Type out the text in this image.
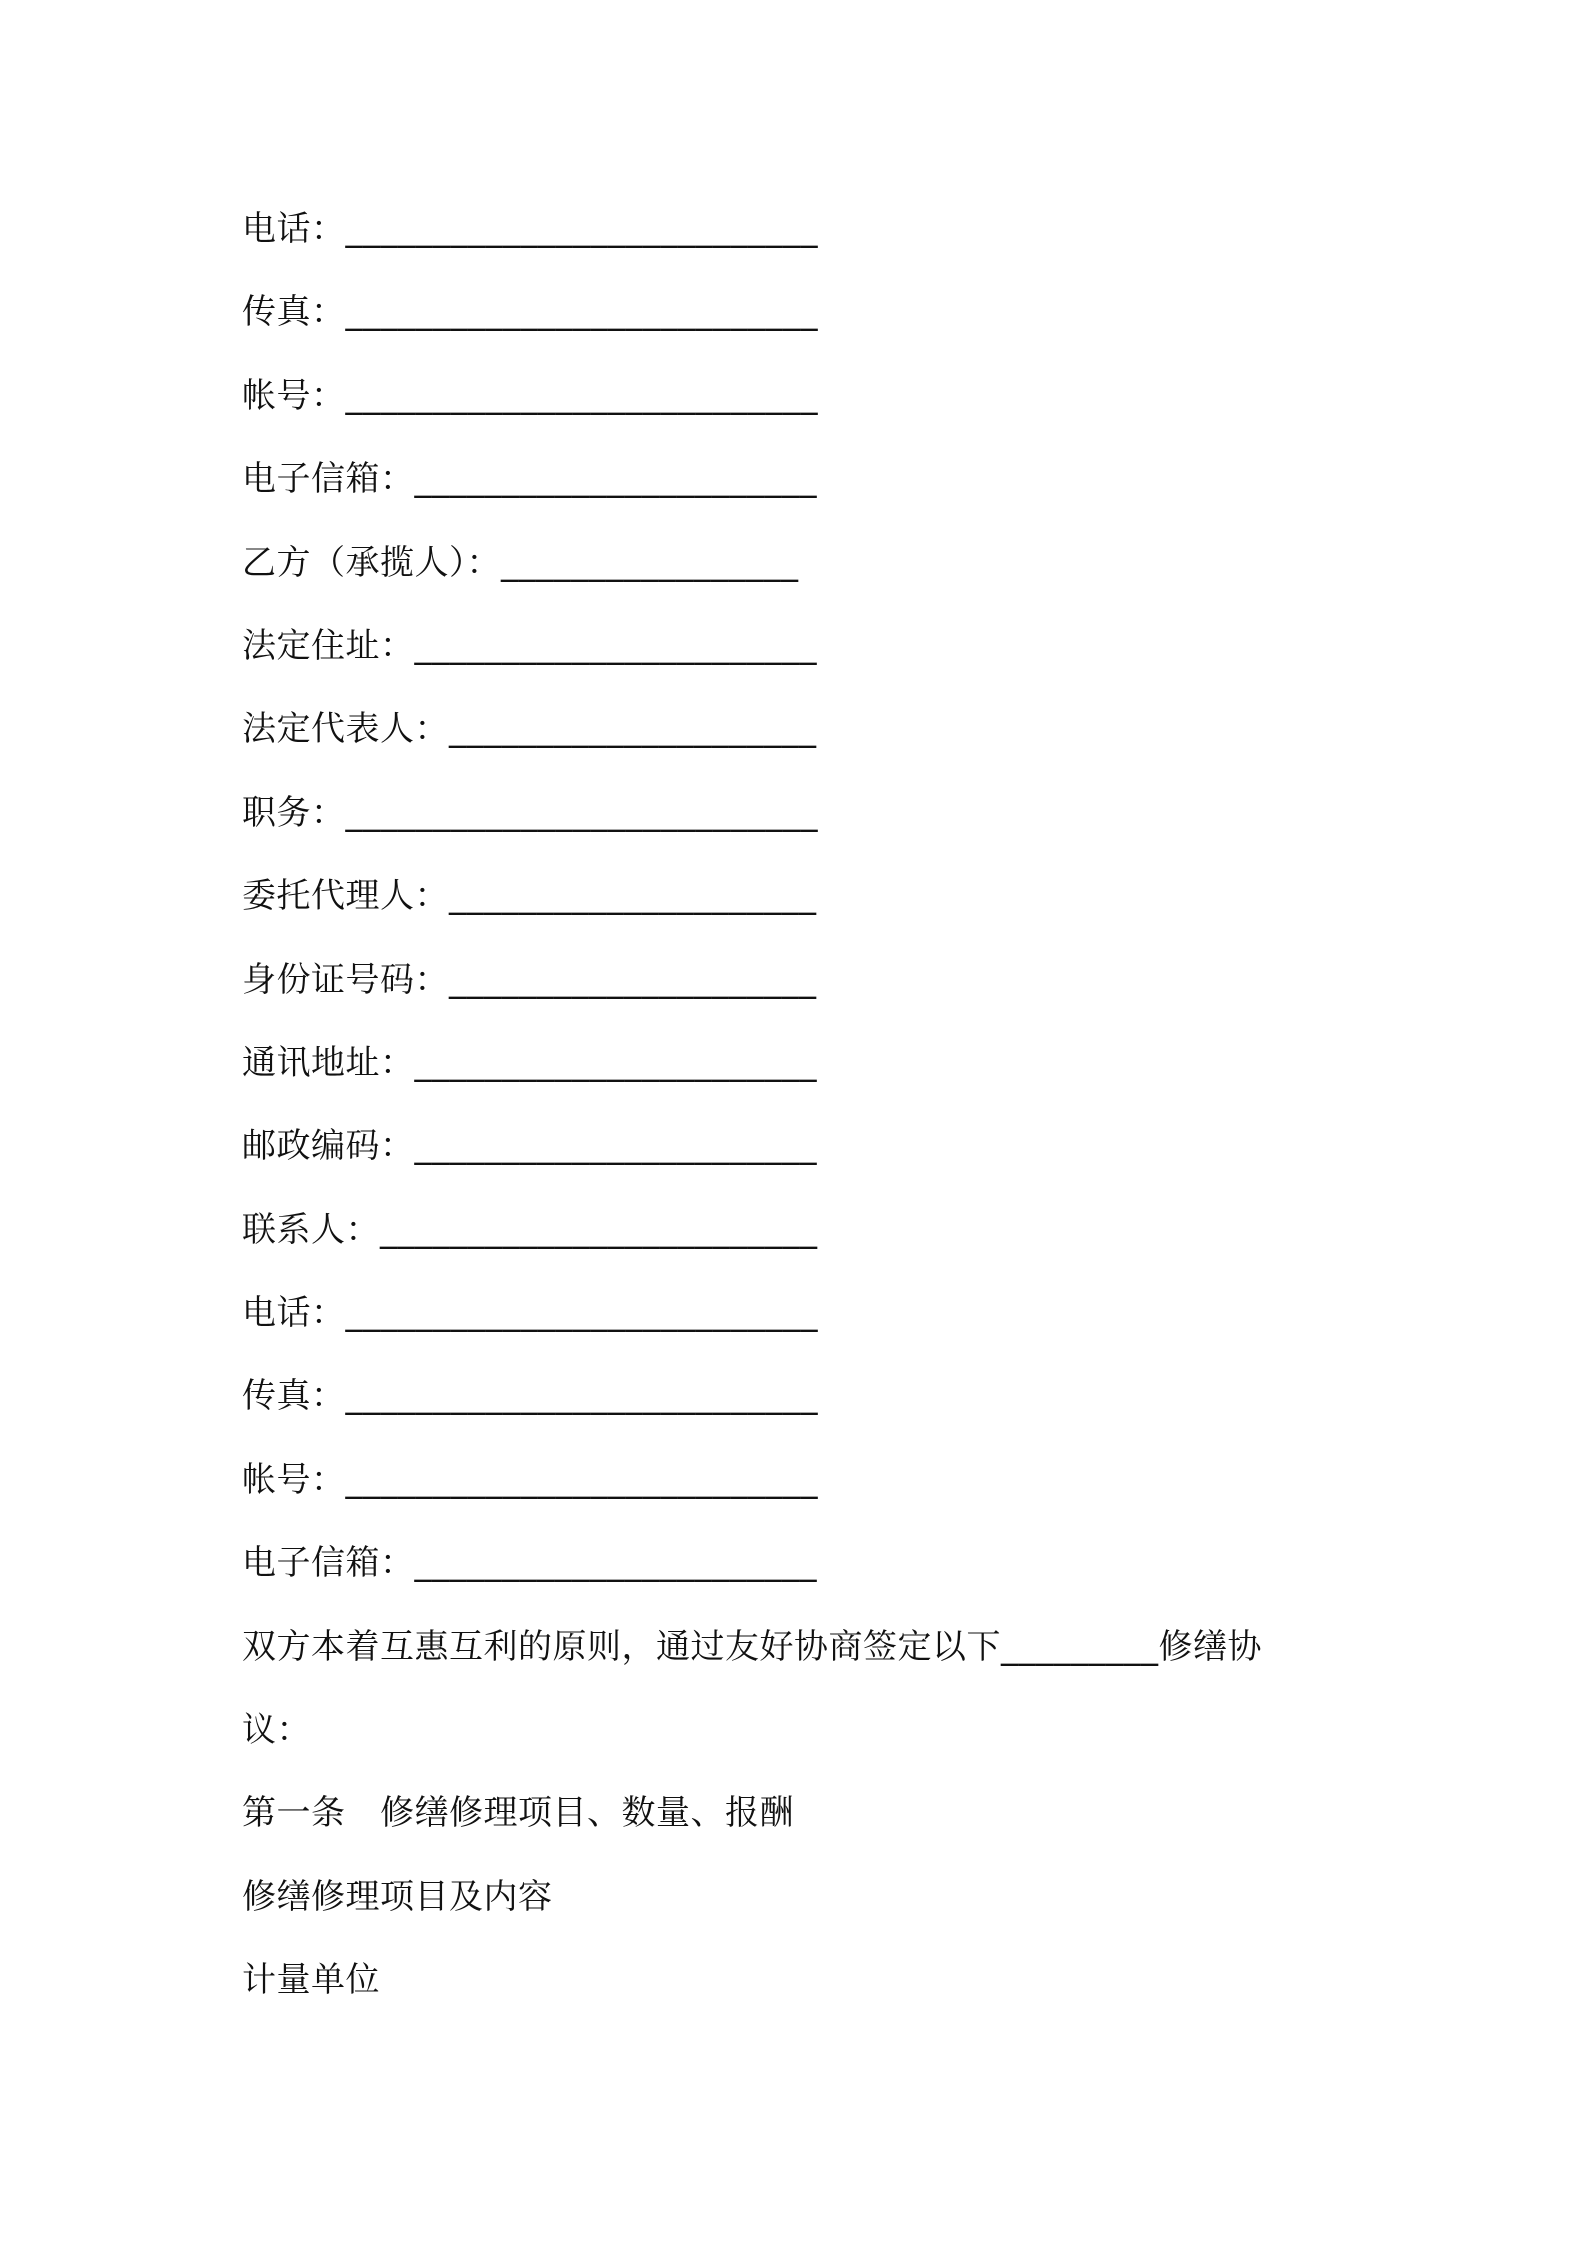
电话：___________________________
传真：___________________________
帐号：___________________________
电子信箱：_______________________
乙方（承揽人）：_________________
法定住址：_______________________
法定代表人：_____________________
职务：___________________________
委托代理人：_____________________
身份证号码：_____________________
通讯地址：_______________________
邮政编码：_______________________
联系人：_________________________
电话：___________________________
传真：___________________________
帐号：___________________________
电子信箱：_______________________
双方本着互惠互利的原则，通过友好协商签定以下_________修缮协
议：
第一条　修缮修理项目、数量、报酬
修缮修理项目及内容
计量单位
